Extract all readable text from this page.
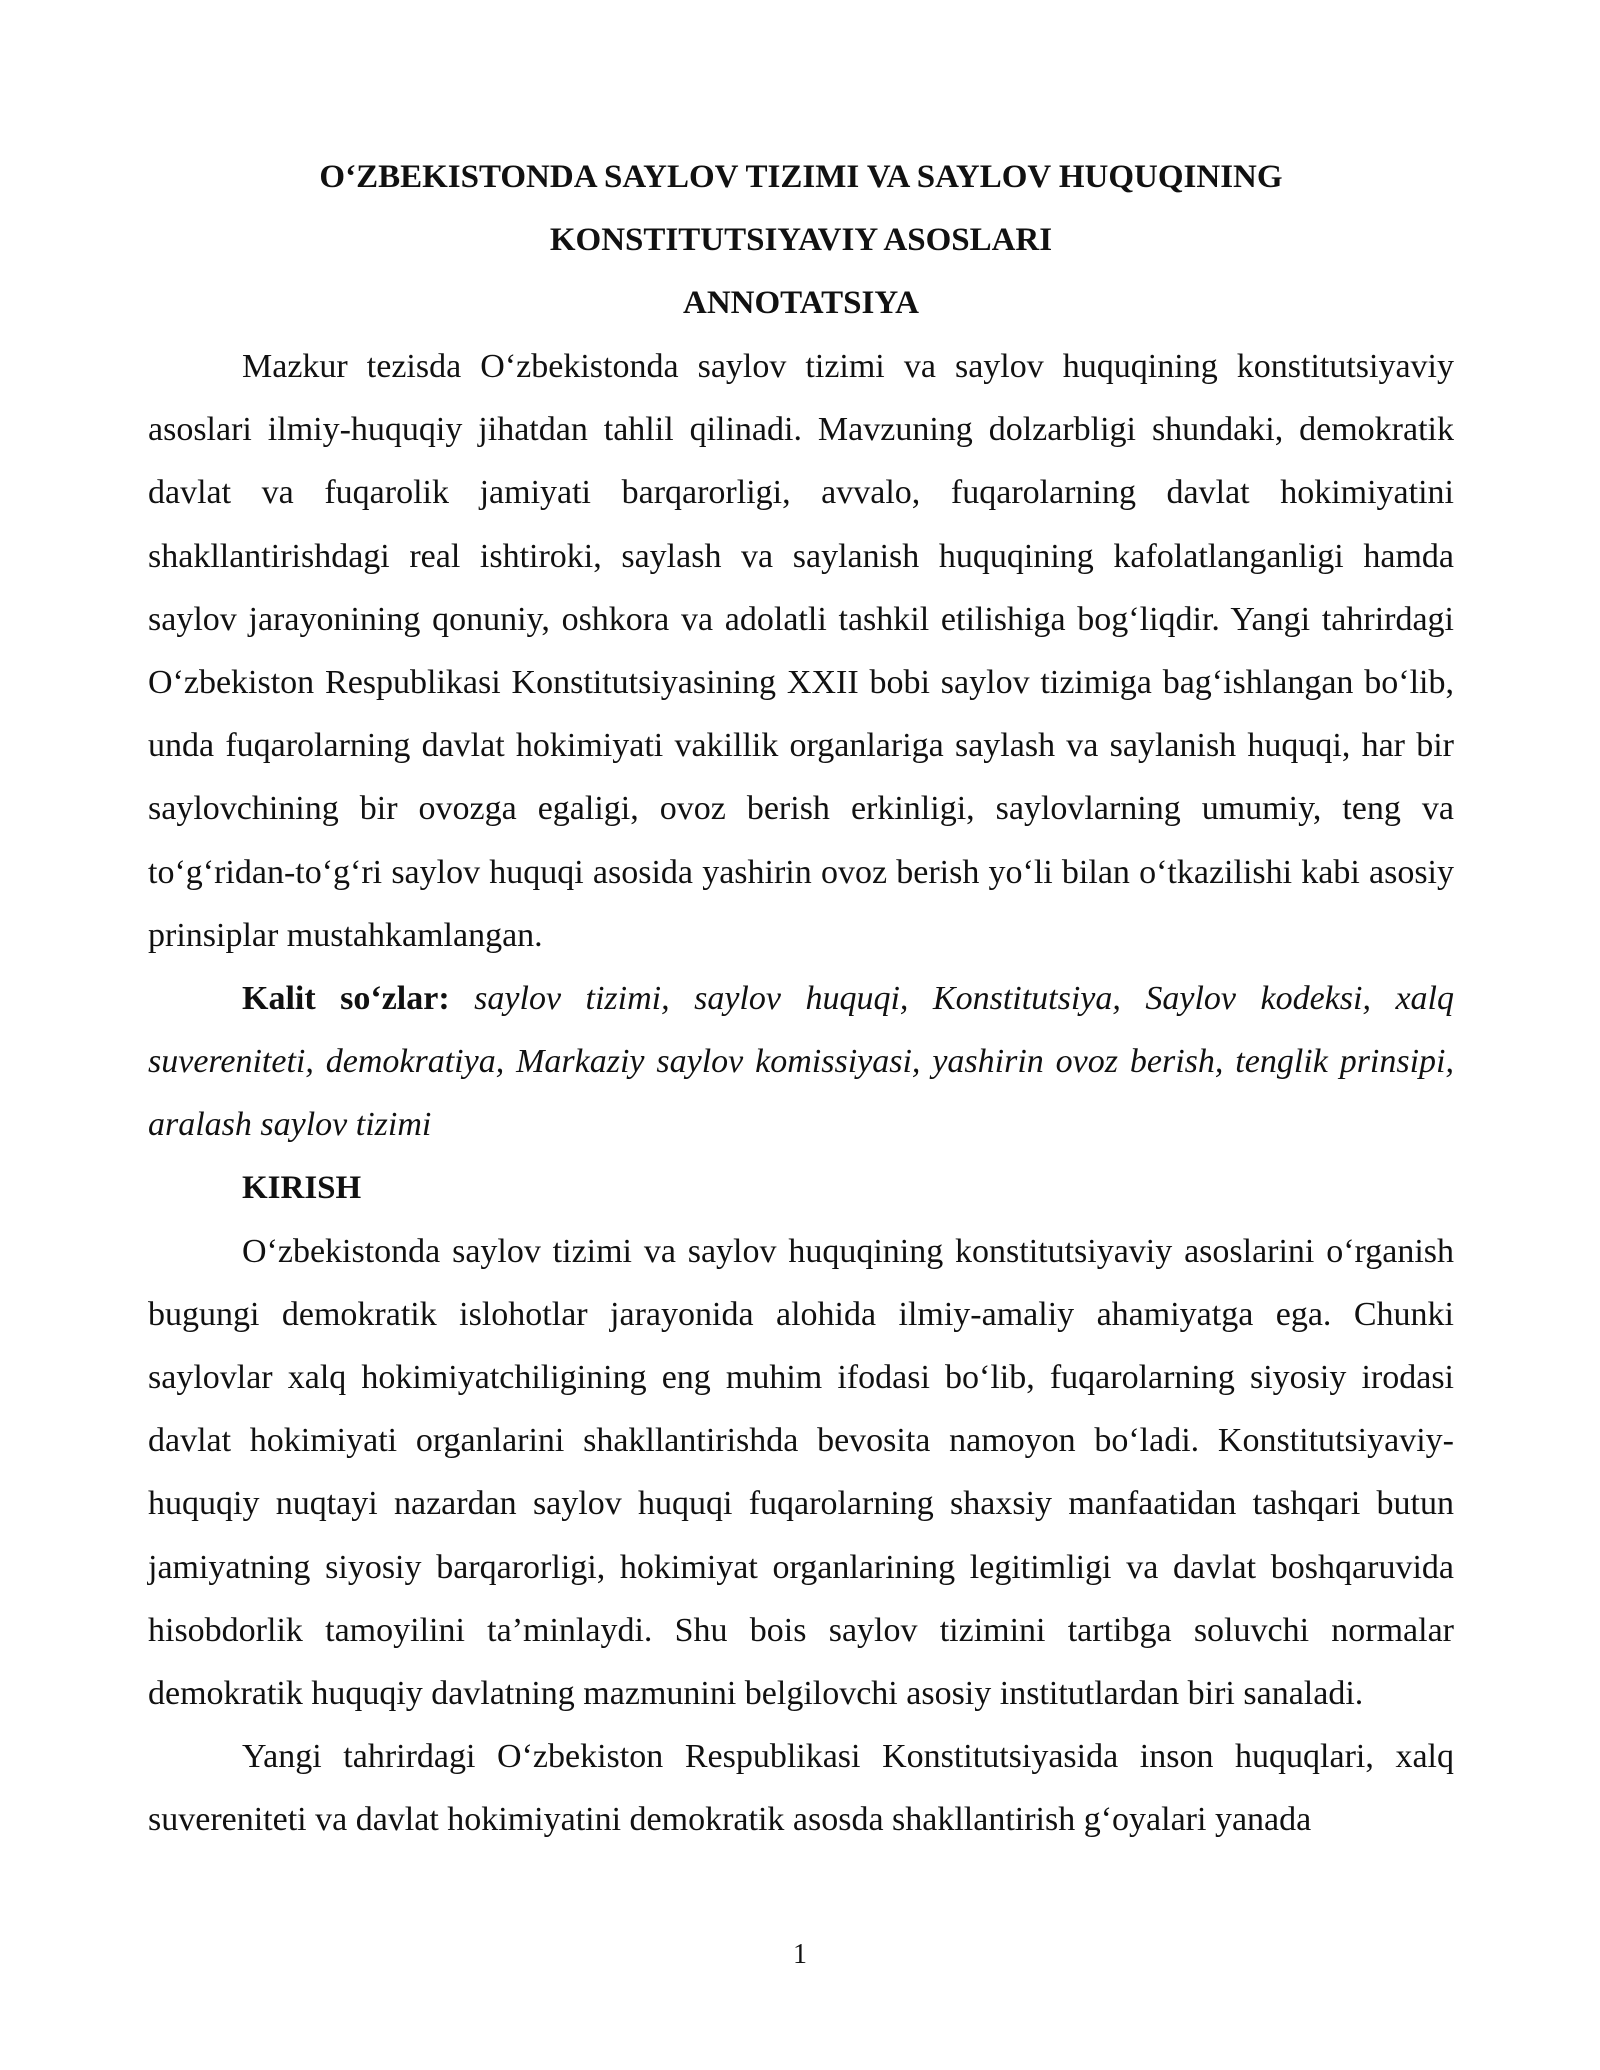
O‘ZBEKISTONDA SAYLOV TIZIMI VA SAYLOV HUQUQINING
KONSTITUTSIYAVIY ASOSLARI
ANNOTATSIYA

Mazkur tezisda O‘zbekistonda saylov tizimi va saylov huquqining konstitutsiyaviy asoslari ilmiy-huquqiy jihatdan tahlil qilinadi. Mavzuning dolzarbligi shundaki, demokratik davlat va fuqarolik jamiyati barqarorligi, avvalo, fuqarolarning davlat hokimiyatini shakllantirishdagi real ishtiroki, saylash va saylanish huquqining kafolatlanganligi hamda saylov jarayonining qonuniy, oshkora va adolatli tashkil etilishiga bog‘liqdir. Yangi tahrirdagi O‘zbekiston Respublikasi Konstitutsiyasining XXII bobi saylov tizimiga bag‘ishlangan bo‘lib, unda fuqarolarning davlat hokimiyati vakillik organlariga saylash va saylanish huquqi, har bir saylovchining bir ovozga egaligi, ovoz berish erkinligi, saylovlarning umumiy, teng va to‘g‘ridan-to‘g‘ri saylov huquqi asosida yashirin ovoz berish yo‘li bilan o‘tkazilishi kabi asosiy prinsiplar mustahkamlangan.

Kalit so‘zlar: saylov tizimi, saylov huquqi, Konstitutsiya, Saylov kodeksi, xalq suvereniteti, demokratiya, Markaziy saylov komissiyasi, yashirin ovoz berish, tenglik prinsipi, aralash saylov tizimi

KIRISH

O‘zbekistonda saylov tizimi va saylov huquqining konstitutsiyaviy asoslarini o‘rganish bugungi demokratik islohotlar jarayonida alohida ilmiy-amaliy ahamiyatga ega. Chunki saylovlar xalq hokimiyatchiligining eng muhim ifodasi bo‘lib, fuqarolarning siyosiy irodasi davlat hokimiyati organlarini shakllantirishda bevosita namoyon bo‘ladi. Konstitutsiyaviy-huquqiy nuqtayi nazardan saylov huquqi fuqarolarning shaxsiy manfaatidan tashqari butun jamiyatning siyosiy barqarorligi, hokimiyat organlarining legitimligi va davlat boshqaruvida hisobdorlik tamoyilini ta’minlaydi. Shu bois saylov tizimini tartibga soluvchi normalar demokratik huquqiy davlatning mazmunini belgilovchi asosiy institutlardan biri sanaladi.

Yangi tahrirdagi O‘zbekiston Respublikasi Konstitutsiyasida inson huquqlari, xalq suvereniteti va davlat hokimiyatini demokratik asosda shakllantirish g‘oyalari yanada

1
